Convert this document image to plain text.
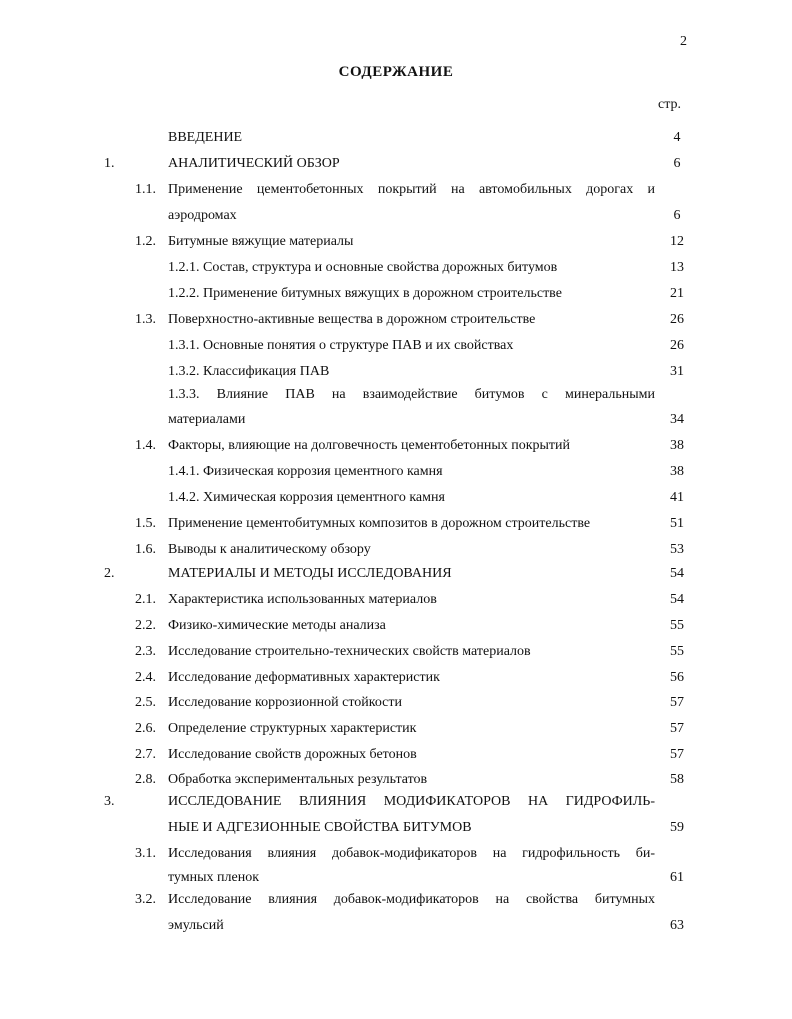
2
СОДЕРЖАНИЕ
стр.
ВВЕДЕНИЕ	4
1.	АНАЛИТИЧЕСКИЙ ОБЗОР	6
1.1. Применение цементобетонных покрытий на автомобильных дорогах и
аэродромах	6
1.2. Битумные вяжущие материалы	12
1.2.1. Состав, структура и основные свойства дорожных битумов	13
1.2.2. Применение битумных вяжущих в дорожном строительстве	21
1.3. Поверхностно-активные вещества в дорожном строительстве	26
1.3.1. Основные понятия о структуре ПАВ и их свойствах	26
1.3.2. Классификация ПАВ	31
1.3.3. Влияние ПАВ на взаимодействие битумов с минеральными
материалами	34
1.4. Факторы, влияющие на долговечность цементобетонных покрытий	38
1.4.1. Физическая коррозия цементного камня	38
1.4.2. Химическая коррозия цементного камня	41
1.5. Применение цементобитумных композитов в дорожном строительстве	51
1.6. Выводы к аналитическому обзору	53
2.	МАТЕРИАЛЫ И МЕТОДЫ ИССЛЕДОВАНИЯ	54
2.1. Характеристика использованных материалов	54
2.2. Физико-химические методы анализа	55
2.3. Исследование строительно-технических свойств материалов	55
2.4. Исследование деформативных характеристик	56
2.5. Исследование коррозионной стойкости	57
2.6. Определение структурных характеристик	57
2.7. Исследование свойств дорожных бетонов	57
2.8. Обработка экспериментальных результатов	58
3.	ИССЛЕДОВАНИЕ ВЛИЯНИЯ МОДИФИКАТОРОВ НА ГИДРОФИЛЬ-
НЫЕ И АДГЕЗИОННЫЕ СВОЙСТВА БИТУМОВ	59
3.1. Исследования влияния добавок-модификаторов на гидрофильность би-
тумных пленок	61
3.2. Исследование влияния добавок-модификаторов на свойства битумных
эмульсий	63
